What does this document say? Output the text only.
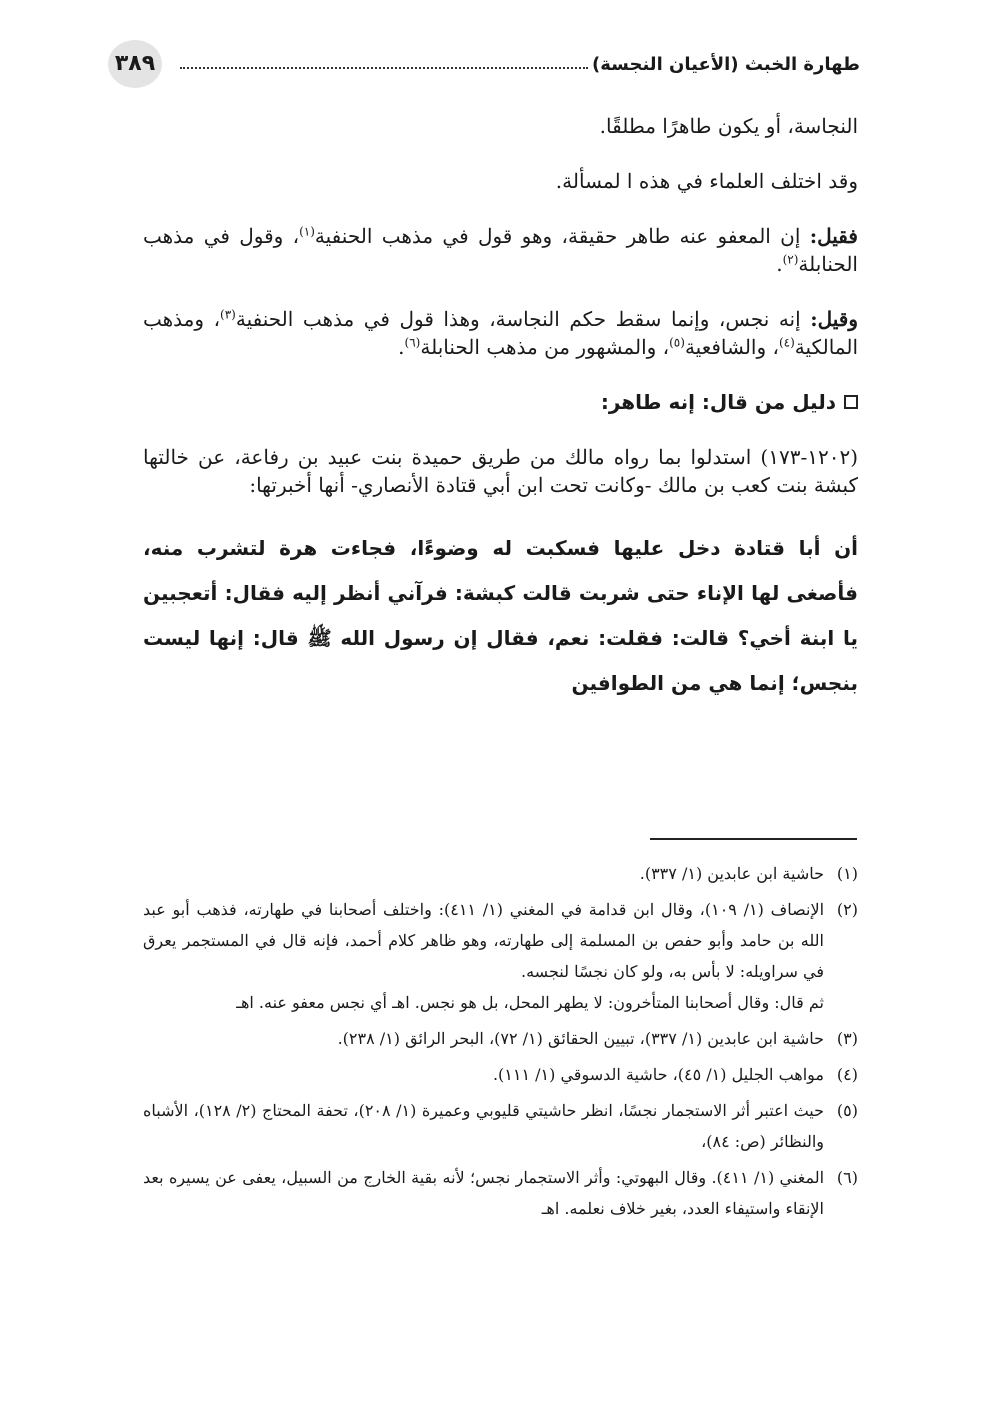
٣٨٩	طهارة الخبث (الأعيان النجسة)

النجاسة، أو يكون طاهرًا مطلقًا.

وقد اختلف العلماء في هذه ا لمسألة.

فقيل: إن المعفو عنه طاهر حقيقة، وهو قول في مذهب الحنفية$^{(١)}$، وقول في مذهب الحنابلة$^{(٢)}$.

وقيل: إنه نجس، وإنما سقط حكم النجاسة، وهذا قول في مذهب الحنفية$^{(٣)}$، ومذهب المالكية$^{(٤)}$، والشافعية$^{(٥)}$، والمشهور من مذهب الحنابلة$^{(٦)}$.

دليل من قال: إنه طاهر:

(١٢٠٢-١٧٣) استدلوا بما رواه مالك من طريق حميدة بنت عبيد بن رفاعة، عن خالتها كبشة بنت كعب بن مالك -وكانت تحت ابن أبي قتادة الأنصاري- أنها أخبرتها:

أن أبا قتادة دخل عليها فسكبت له وضوءًا، فجاءت هرة لتشرب منه، فأصغى لها الإناء حتى شربت قالت كبشة: فرآني أنظر إليه فقال: أتعجبين يا ابنة أخي؟ قالت: فقلت: نعم، فقال إن رسول الله ﷺ قال: إنها ليست بنجس؛ إنما هي من الطوافين

(١)

حاشية ابن عابدين (١/ ٣٣٧).

(٢)

الإنصاف (١/ ١٠٩)، وقال ابن قدامة في المغني (١/ ٤١١): واختلف أصحابنا في طهارته، فذهب أبو عبد الله بن حامد وأبو حفص بن المسلمة إلى طهارته، وهو ظاهر كلام أحمد، فإنه قال في المستجمر يعرق في سراويله: لا بأس به، ولو كان نجسًا لنجسه.

ثم قال: وقال أصحابنا المتأخرون: لا يطهر المحل، بل هو نجس. اهـ أي نجس معفو عنه. اهـ

(٣)

حاشية ابن عابدين (١/ ٣٣٧)، تبيين الحقائق (١/ ٧٢)، البحر الرائق (١/ ٢٣٨).

(٤)

مواهب الجليل (١/ ٤٥)، حاشية الدسوقي (١/ ١١١).

(٥)

حيث اعتبر أثر الاستجمار نجسًا، انظر حاشيتي قليوبي وعميرة (١/ ٢٠٨)، تحفة المحتاج (٢/ ١٢٨)، الأشباه والنظائر (ص: ٨٤)،

(٦)

المغني (١/ ٤١١). وقال البهوتي: وأثر الاستجمار نجس؛ لأنه بقية الخارج من السبيل، يعفى عن يسيره بعد الإنقاء واستيفاء العدد، بغير خلاف نعلمه. اهـ
